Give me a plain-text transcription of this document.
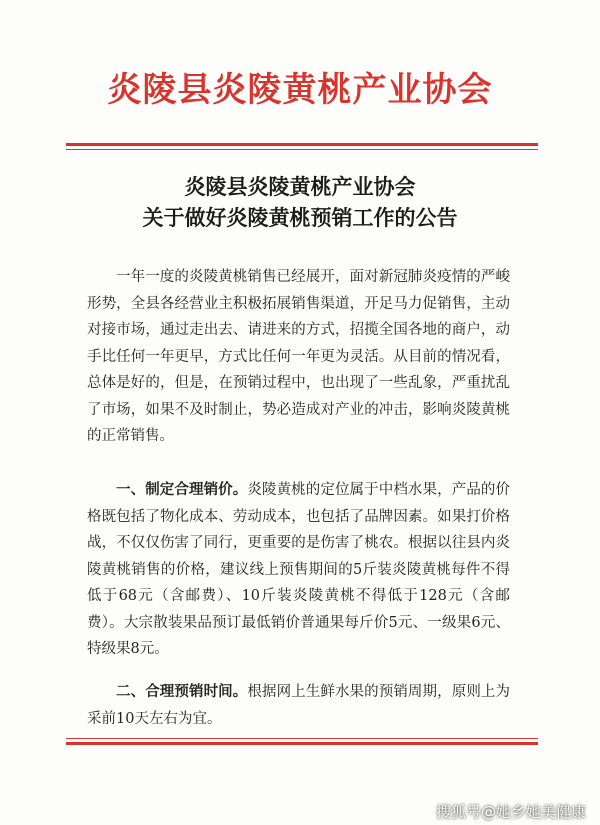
炎陵县炎陵黄桃产业协会
炎陵县炎陵黄桃产业协会
关于做好炎陵黄桃预销工作的公告

一年一度的炎陵黄桃销售已经展开，面对新冠肺炎疫情的严峻形势，全县各经营业主积极拓展销售渠道，开足马力促销售，主动对接市场，通过走出去、请进来的方式，招揽全国各地的商户，动手比任何一年更早，方式比任何一年更为灵活。从目前的情况看，总体是好的，但是，在预销过程中，也出现了一些乱象，严重扰乱了市场，如果不及时制止，势必造成对产业的冲击，影响炎陵黄桃的正常销售。

一、制定合理销价。炎陵黄桃的定位属于中档水果，产品的价格既包括了物化成本、劳动成本，也包括了品牌因素。如果打价格战，不仅仅伤害了同行，更重要的是伤害了桃农。根据以往县内炎陵黄桃销售的价格，建议线上预售期间的5斤装炎陵黄桃每件不得低于68元（含邮费）、10斤装炎陵黄桃不得低于128元（含邮费）。大宗散装果品预订最低销价普通果每斤价5元、一级果6元、特级果8元。

二、合理预销时间。根据网上生鲜水果的预销周期，原则上为采前10天左右为宜。

搜狐号@她乡她美健康
